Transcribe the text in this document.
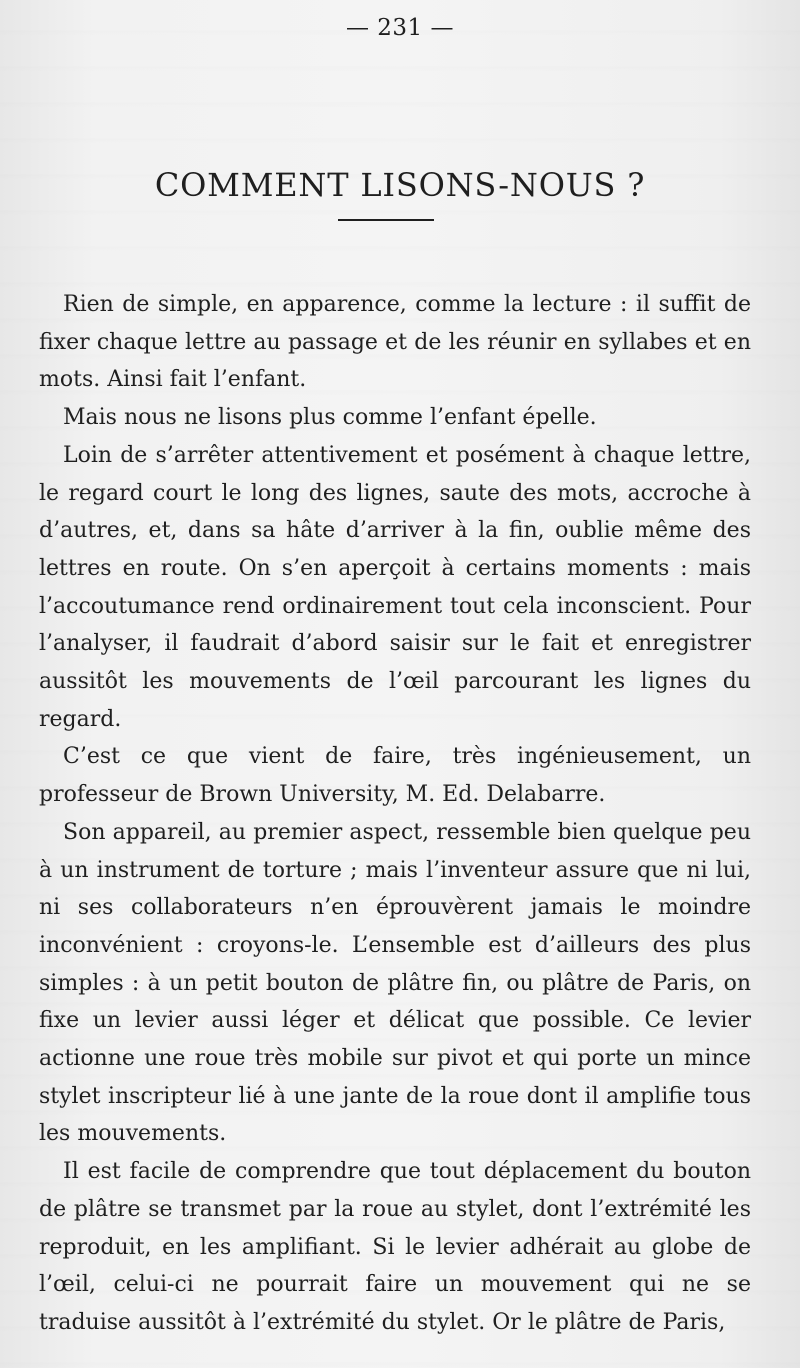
— 231 —
COMMENT LISONS-NOUS ?

Rien de simple, en apparence, comme la lecture : il suffit de fixer chaque lettre au passage et de les réunir en syllabes et en mots. Ainsi fait l’enfant.

Mais nous ne lisons plus comme l’enfant épelle.

Loin de s’arrêter attentivement et posément à chaque lettre, le regard court le long des lignes, saute des mots, accroche à d’autres, et, dans sa hâte d’arriver à la fin, oublie même des lettres en route. On s’en aperçoit à certains moments : mais l’accoutumance rend ordinairement tout cela inconscient. Pour l’analyser, il faudrait d’abord saisir sur le fait et enregistrer aussitôt les mouvements de l’œil parcourant les lignes du regard.

C’est ce que vient de faire, très ingénieusement, un professeur de Brown University, M. Ed. Delabarre.

Son appareil, au premier aspect, ressemble bien quelque peu à un instrument de torture ; mais l’inventeur assure que ni lui, ni ses collaborateurs n’en éprouvèrent jamais le moindre inconvénient : croyons-le. L’ensemble est d’ailleurs des plus simples : à un petit bouton de plâtre fin, ou plâtre de Paris, on fixe un levier aussi léger et délicat que possible. Ce levier actionne une roue très mobile sur pivot et qui porte un mince stylet inscripteur lié à une jante de la roue dont il amplifie tous les mouvements.

Il est facile de comprendre que tout déplacement du bouton de plâtre se transmet par la roue au stylet, dont l’extrémité les reproduit, en les amplifiant. Si le levier adhérait au globe de l’œil, celui-ci ne pourrait faire un mouvement qui ne se traduise aussitôt à l’extrémité du stylet. Or le plâtre de Paris,
